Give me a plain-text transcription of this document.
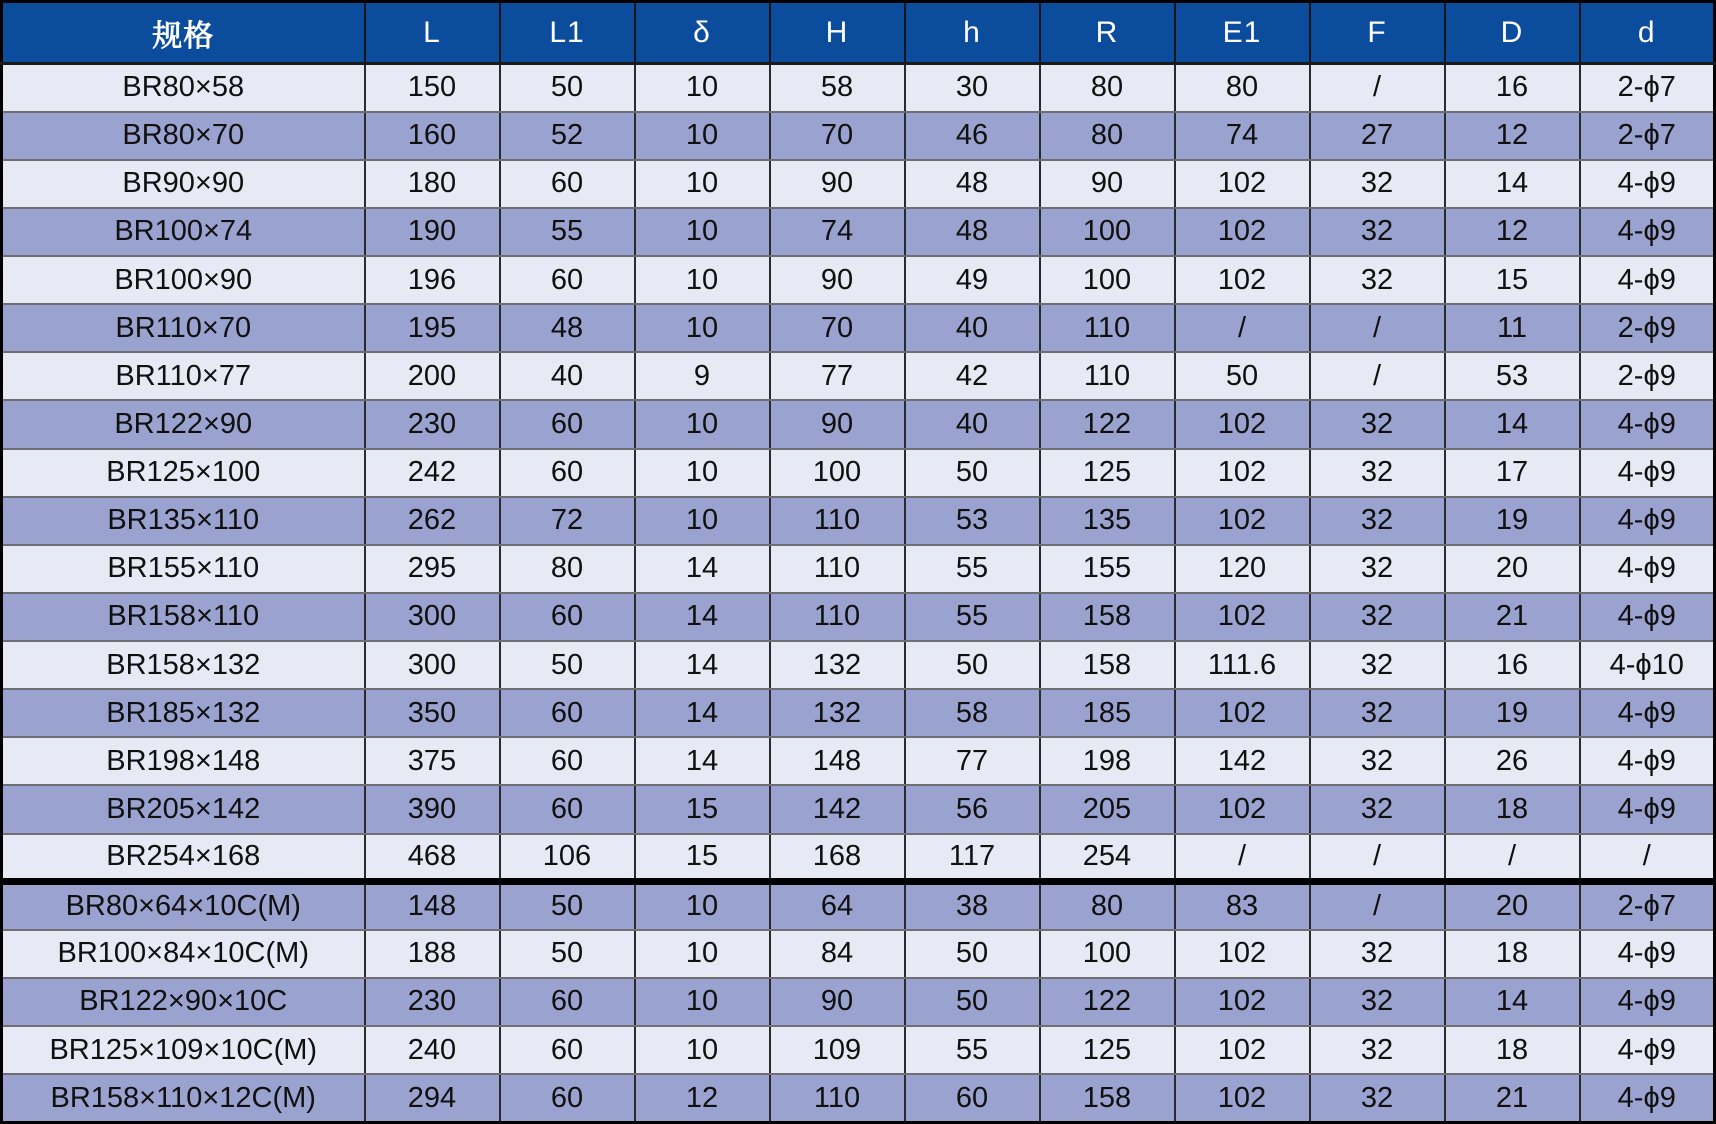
规格	L	L1	δ	H	h	R	E1	F	D	d
BR80×58	150	50	10	58	30	80	80	/	16	2-ϕ7
BR80×70	160	52	10	70	46	80	74	27	12	2-ϕ7
BR90×90	180	60	10	90	48	90	102	32	14	4-ϕ9
BR100×74	190	55	10	74	48	100	102	32	12	4-ϕ9
BR100×90	196	60	10	90	49	100	102	32	15	4-ϕ9
BR110×70	195	48	10	70	40	110	/	/	11	2-ϕ9
BR110×77	200	40	9	77	42	110	50	/	53	2-ϕ9
BR122×90	230	60	10	90	40	122	102	32	14	4-ϕ9
BR125×100	242	60	10	100	50	125	102	32	17	4-ϕ9
BR135×110	262	72	10	110	53	135	102	32	19	4-ϕ9
BR155×110	295	80	14	110	55	155	120	32	20	4-ϕ9
BR158×110	300	60	14	110	55	158	102	32	21	4-ϕ9
BR158×132	300	50	14	132	50	158	111.6	32	16	4-ϕ10
BR185×132	350	60	14	132	58	185	102	32	19	4-ϕ9
BR198×148	375	60	14	148	77	198	142	32	26	4-ϕ9
BR205×142	390	60	15	142	56	205	102	32	18	4-ϕ9
BR254×168	468	106	15	168	117	254	/	/	/	/
BR80×64×10C(M)	148	50	10	64	38	80	83	/	20	2-ϕ7
BR100×84×10C(M)	188	50	10	84	50	100	102	32	18	4-ϕ9
BR122×90×10C	230	60	10	90	50	122	102	32	14	4-ϕ9
BR125×109×10C(M)	240	60	10	109	55	125	102	32	18	4-ϕ9
BR158×110×12C(M)	294	60	12	110	60	158	102	32	21	4-ϕ9
